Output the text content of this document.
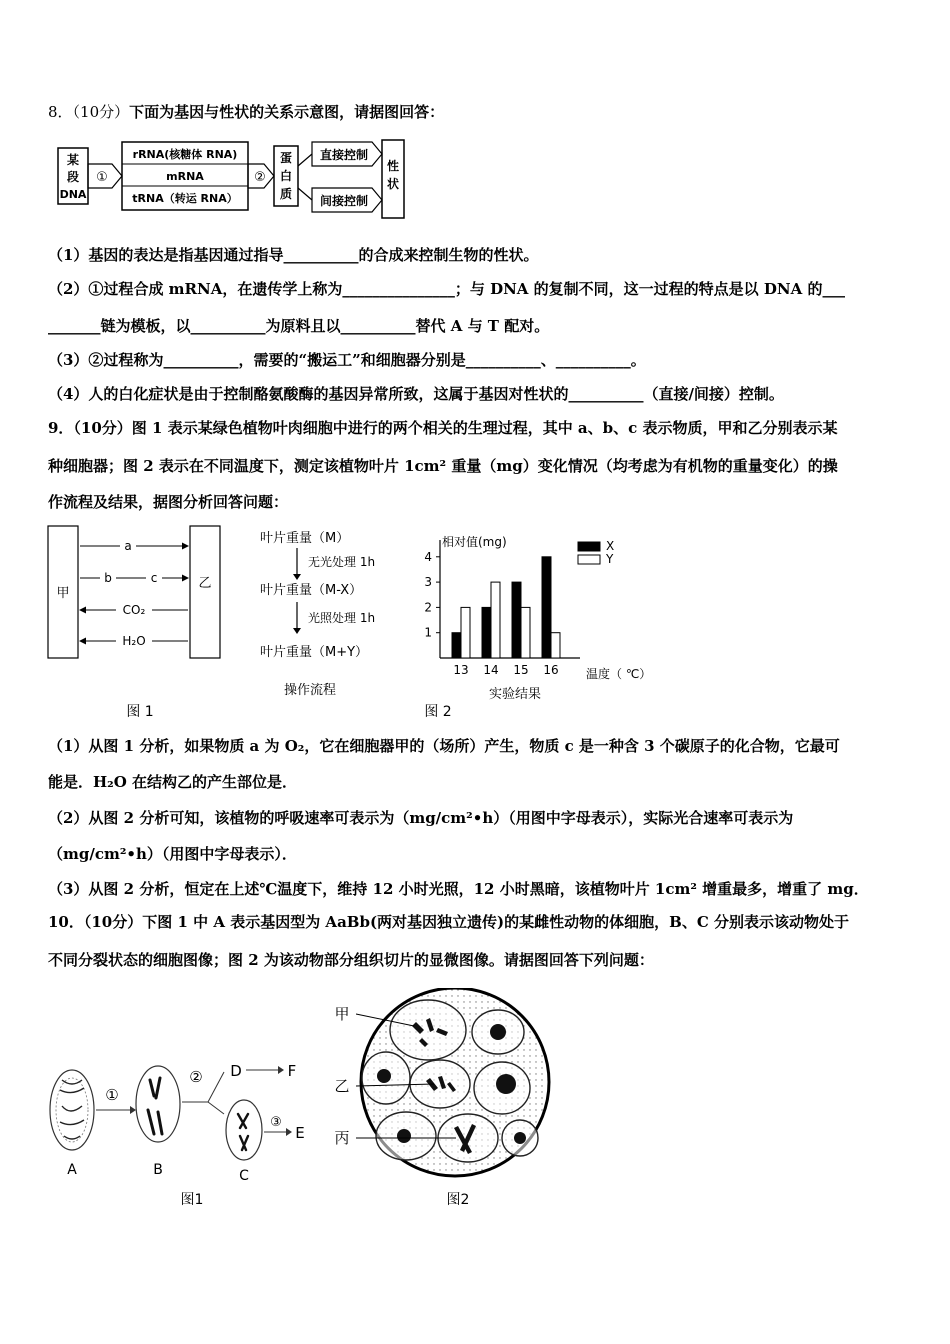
8．（10分）下面为基因与性状的关系示意图，请据图回答：
某
段
DNA
①
rRNA(核糖体 RNA)
mRNA
tRNA（转运 RNA）
②
蛋
白
质
直接控制
间接控制
性
状
（1）基因的表达是指基因通过指导__________的合成来控制生物的性状。
（2）①过程合成 mRNA，在遗传学上称为_______________；与 DNA 的复制不同，这一过程的特点是以 DNA 的___
_______链为模板，以__________为原料且以__________替代 A 与 T 配对。
（3）②过程称为__________，需要的“搬运工”和细胞器分别是__________、__________。
（4）人的白化症状是由于控制酪氨酸酶的基因异常所致，这属于基因对性状的__________（直接/间接）控制。
9．（10分）图 1 表示某绿色植物叶肉细胞中进行的两个相关的生理过程，其中 a、b、c 表示物质，甲和乙分别表示某
种细胞器；图 2 表示在不同温度下，测定该植物叶片 1cm² 重量（mg）变化情况（均考虑为有机物的重量变化）的操
作流程及结果，据图分析回答问题：
甲
乙
a
b	c
CO₂
H₂O
图 1
叶片重量（M）
无光处理 1h
叶片重量（M-X）
光照处理 1h
叶片重量（M+Y）
操作流程
相对值(mg)
温度（ ℃）
1
2
3
4
13 14 15 16
X
Y
实验结果
图 2
（1）从图 1 分析，如果物质 a 为 O₂，它在细胞器甲的（场所）产生，物质 c 是一种含 3 个碳原子的化合物，它最可
能是．H₂O 在结构乙的产生部位是．
（2）从图 2 分析可知，该植物的呼吸速率可表示为（mg/cm²•h）（用图中字母表示），实际光合速率可表示为
（mg/cm²•h）（用图中字母表示）．
（3）从图 2 分析，恒定在上述℃温度下，维持 12 小时光照，12 小时黑暗，该植物叶片 1cm² 增重最多，增重了 mg．
10．（10分）下图 1 中 A 表示基因型为 AaBb(两对基因独立遗传)的某雌性动物的体细胞，B、C 分别表示该动物处于
不同分裂状态的细胞图像；图 2 为该动物部分组织切片的显微图像。请据图回答下列问题：
A
①
B
② D	F
C
③
E
图1
甲
乙
丙
图2
